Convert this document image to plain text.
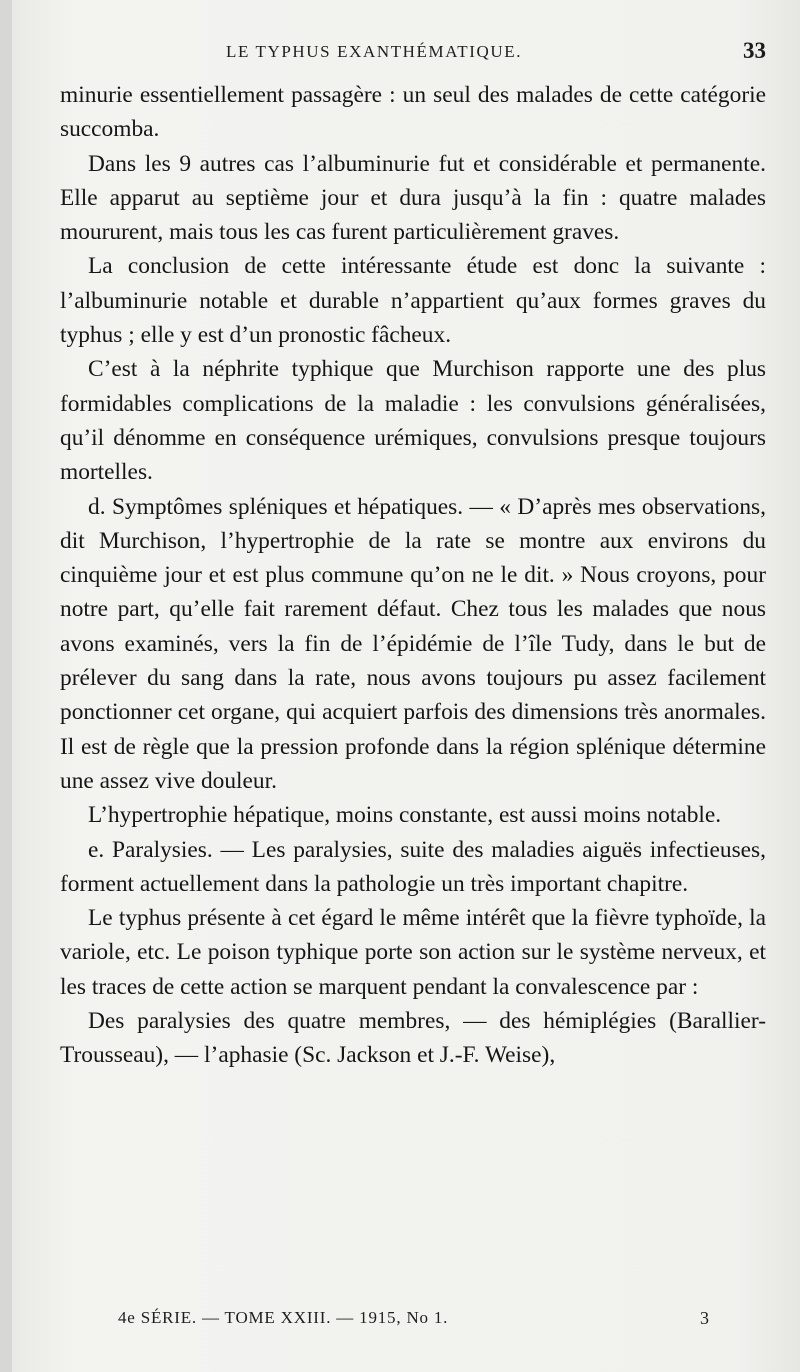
LE TYPHUS EXANTHÉMATIQUE.	33

minurie essentiellement passagère : un seul des malades de cette catégorie succomba.

Dans les 9 autres cas l’albuminurie fut et considérable et permanente. Elle apparut au septième jour et dura jusqu’à la fin : quatre malades moururent, mais tous les cas furent particulièrement graves.

La conclusion de cette intéressante étude est donc la suivante : l’albuminurie notable et durable n’appartient qu’aux formes graves du typhus ; elle y est d’un pronostic fâcheux.

C’est à la néphrite typhique que Murchison rapporte une des plus formidables complications de la maladie : les convulsions généralisées, qu’il dénomme en conséquence urémiques, convulsions presque toujours mortelles.

d. Symptômes spléniques et hépatiques. — « D’après mes observations, dit Murchison, l’hypertrophie de la rate se montre aux environs du cinquième jour et est plus commune qu’on ne le dit. » Nous croyons, pour notre part, qu’elle fait rarement défaut. Chez tous les malades que nous avons examinés, vers la fin de l’épidémie de l’île Tudy, dans le but de prélever du sang dans la rate, nous avons toujours pu assez facilement ponctionner cet organe, qui acquiert parfois des dimensions très anormales. Il est de règle que la pression profonde dans la région splénique détermine une assez vive douleur.

L’hypertrophie hépatique, moins constante, est aussi moins notable.

e. Paralysies. — Les paralysies, suite des maladies aiguës infectieuses, forment actuellement dans la pathologie un très important chapitre.

Le typhus présente à cet égard le même intérêt que la fièvre typhoïde, la variole, etc. Le poison typhique porte son action sur le système nerveux, et les traces de cette action se marquent pendant la convalescence par :

Des paralysies des quatre membres, — des hémiplégies (Barallier-Trousseau), — l’aphasie (Sc. Jackson et J.-F. Weise),

4e SÉRIE. — TOME XXIII. — 1915, No 1.	3
